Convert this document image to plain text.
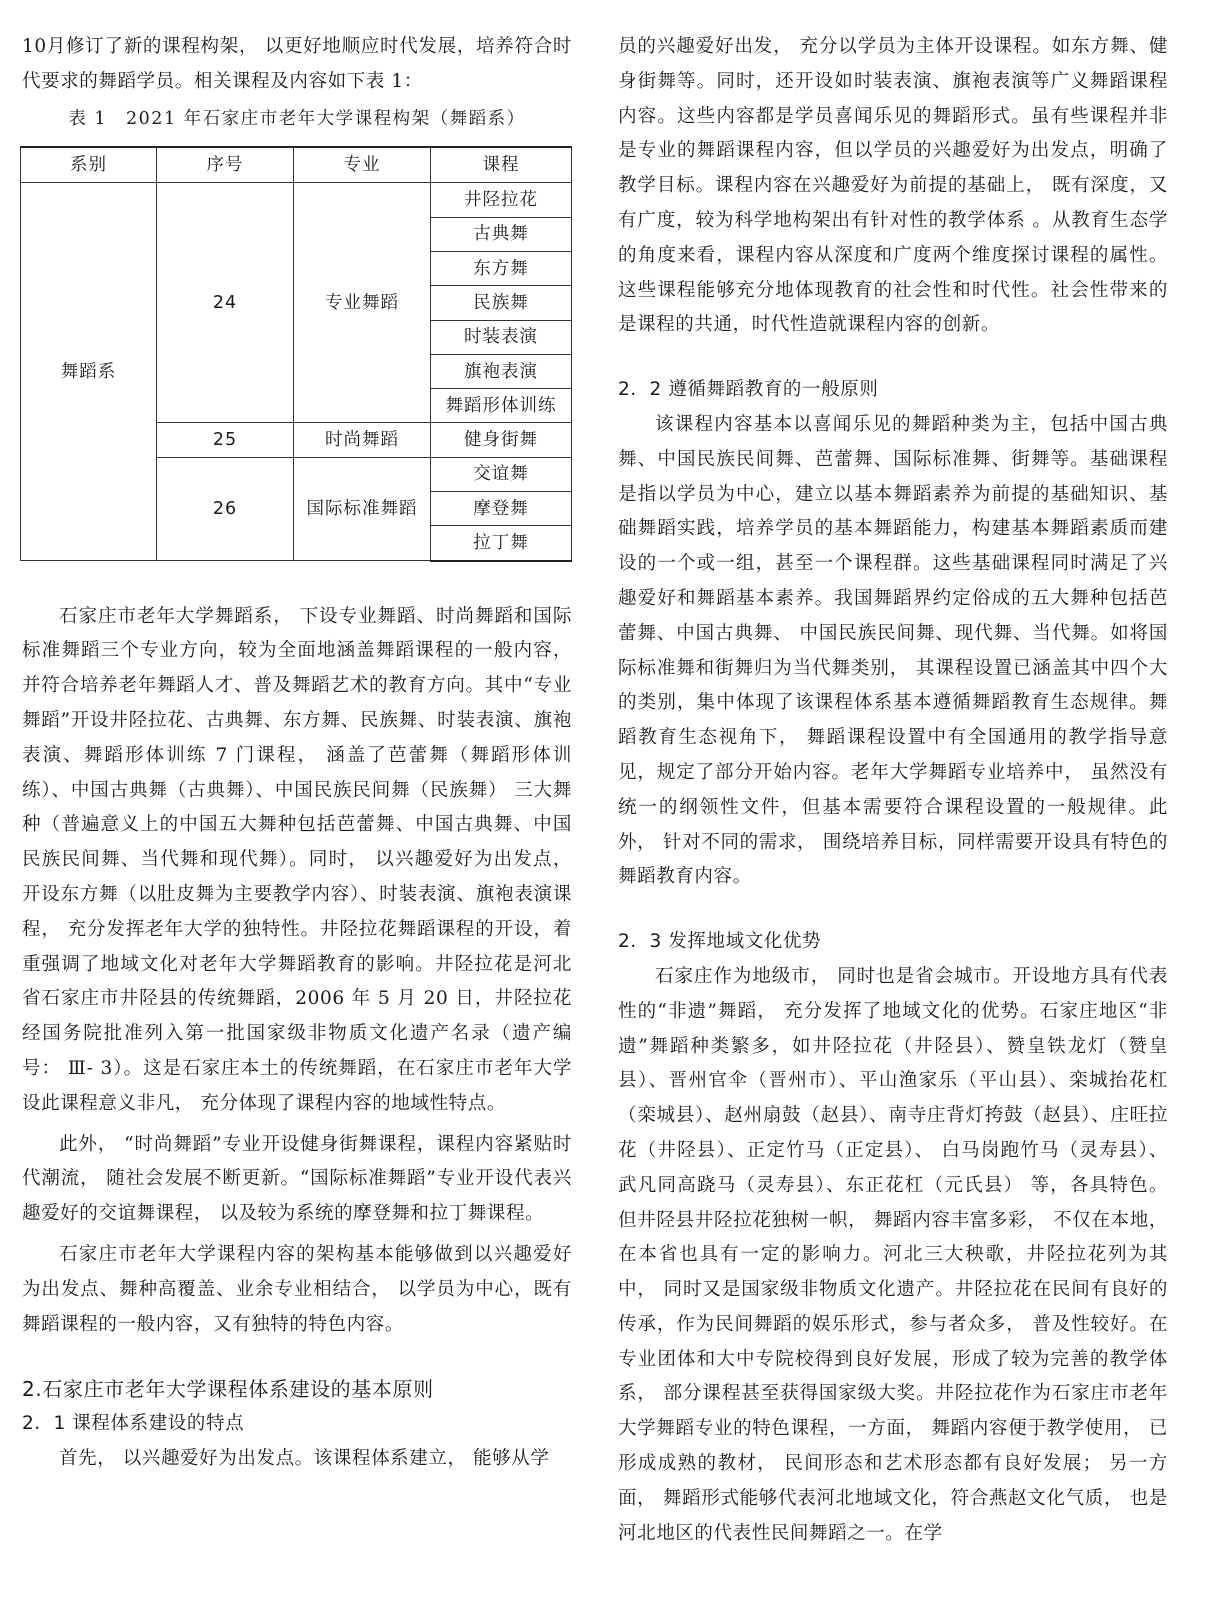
10月修订了新的课程构架， 以更好地顺应时代发展，培养符合时代要求的舞蹈学员。相关课程及内容如下表 1：

表 1　2021 年石家庄市老年大学课程构架（舞蹈系）
系别	序号	专业	课程
舞蹈系	24	专业舞蹈	井陉拉花
			古典舞
			东方舞
			民族舞
			时装表演
			旗袍表演
			舞蹈形体训练
	25	时尚舞蹈	健身街舞
	26	国际标准舞蹈	交谊舞
			摩登舞
			拉丁舞

石家庄市老年大学舞蹈系， 下设专业舞蹈、时尚舞蹈和国际标准舞蹈三个专业方向，较为全面地涵盖舞蹈课程的一般内容，并符合培养老年舞蹈人才、普及舞蹈艺术的教育方向。其中“专业舞蹈”开设井陉拉花、古典舞、东方舞、民族舞、时装表演、旗袍表演、舞蹈形体训练 7 门课程， 涵盖了芭蕾舞（舞蹈形体训练）、中国古典舞（古典舞）、中国民族民间舞（民族舞） 三大舞种（普遍意义上的中国五大舞种包括芭蕾舞、中国古典舞、中国民族民间舞、当代舞和现代舞）。同时， 以兴趣爱好为出发点，开设东方舞（以肚皮舞为主要教学内容）、时装表演、旗袍表演课程， 充分发挥老年大学的独特性。井陉拉花舞蹈课程的开设，着重强调了地域文化对老年大学舞蹈教育的影响。井陉拉花是河北省石家庄市井陉县的传统舞蹈，2006 年 5 月 20 日，井陉拉花经国务院批准列入第一批国家级非物质文化遗产名录（遗产编号： Ⅲ- 3）。这是石家庄本土的传统舞蹈，在石家庄市老年大学设此课程意义非凡， 充分体现了课程内容的地域性特点。

此外， “时尚舞蹈”专业开设健身街舞课程，课程内容紧贴时代潮流， 随社会发展不断更新。“国际标准舞蹈”专业开设代表兴趣爱好的交谊舞课程， 以及较为系统的摩登舞和拉丁舞课程。

石家庄市老年大学课程内容的架构基本能够做到以兴趣爱好为出发点、舞种高覆盖、业余专业相结合， 以学员为中心，既有舞蹈课程的一般内容，又有独特的特色内容。

2.石家庄市老年大学课程体系建设的基本原则
2．1 课程体系建设的特点

首先， 以兴趣爱好为出发点。该课程体系建立， 能够从学

员的兴趣爱好出发， 充分以学员为主体开设课程。如东方舞、健身街舞等。同时，还开设如时装表演、旗袍表演等广义舞蹈课程内容。这些内容都是学员喜闻乐见的舞蹈形式。虽有些课程并非是专业的舞蹈课程内容，但以学员的兴趣爱好为出发点，明确了教学目标。课程内容在兴趣爱好为前提的基础上， 既有深度，又有广度，较为科学地构架出有针对性的教学体系 。从教育生态学的角度来看，课程内容从深度和广度两个维度探讨课程的属性。这些课程能够充分地体现教育的社会性和时代性。社会性带来的是课程的共通，时代性造就课程内容的创新。

2．2 遵循舞蹈教育的一般原则

该课程内容基本以喜闻乐见的舞蹈种类为主，包括中国古典舞、中国民族民间舞、芭蕾舞、国际标准舞、街舞等。基础课程是指以学员为中心，建立以基本舞蹈素养为前提的基础知识、基础舞蹈实践，培养学员的基本舞蹈能力，构建基本舞蹈素质而建设的一个或一组，甚至一个课程群。这些基础课程同时满足了兴趣爱好和舞蹈基本素养。我国舞蹈界约定俗成的五大舞种包括芭蕾舞、中国古典舞、 中国民族民间舞、现代舞、当代舞。如将国际标准舞和街舞归为当代舞类别， 其课程设置已涵盖其中四个大的类别，集中体现了该课程体系基本遵循舞蹈教育生态规律。舞蹈教育生态视角下， 舞蹈课程设置中有全国通用的教学指导意见，规定了部分开始内容。老年大学舞蹈专业培养中， 虽然没有统一的纲领性文件，但基本需要符合课程设置的一般规律。此外， 针对不同的需求， 围绕培养目标，同样需要开设具有特色的舞蹈教育内容。

2．3 发挥地域文化优势

石家庄作为地级市， 同时也是省会城市。开设地方具有代表性的“非遗”舞蹈， 充分发挥了地域文化的优势。石家庄地区“非遗”舞蹈种类繁多，如井陉拉花（井陉县）、赞皇铁龙灯（赞皇县）、晋州官伞（晋州市）、平山渔家乐（平山县）、栾城抬花杠（栾城县）、赵州扇鼓（赵县）、南寺庄背灯挎鼓（赵县）、庄旺拉花（井陉县）、正定竹马（正定县）、 白马岗跑竹马（灵寿县）、武凡同高跷马（灵寿县）、东正花杠（元氏县） 等，各具特色。但井陉县井陉拉花独树一帜， 舞蹈内容丰富多彩， 不仅在本地，在本省也具有一定的影响力。河北三大秧歌，井陉拉花列为其中， 同时又是国家级非物质文化遗产。井陉拉花在民间有良好的传承，作为民间舞蹈的娱乐形式，参与者众多， 普及性较好。在专业团体和大中专院校得到良好发展，形成了较为完善的教学体系， 部分课程甚至获得国家级大奖。井陉拉花作为石家庄市老年大学舞蹈专业的特色课程，一方面， 舞蹈内容便于教学使用， 已形成成熟的教材， 民间形态和艺术形态都有良好发展； 另一方面， 舞蹈形式能够代表河北地域文化，符合燕赵文化气质， 也是河北地区的代表性民间舞蹈之一。在学
